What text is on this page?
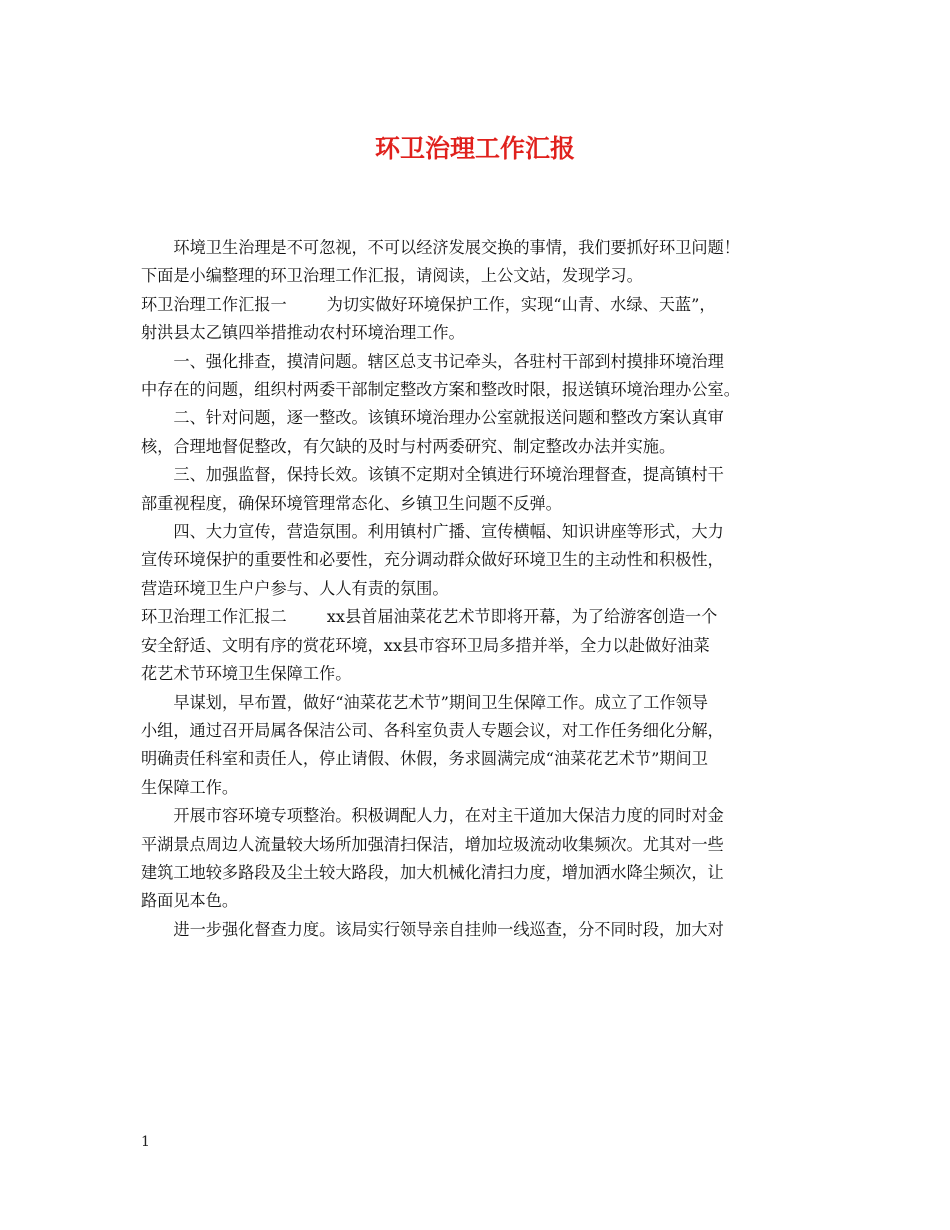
环卫治理工作汇报

环境卫生治理是不可忽视，不可以经济发展交换的事情，我们要抓好环卫问题！
下面是小编整理的环卫治理工作汇报，请阅读，上公文站，发现学习。

环卫治理工作汇报一 为切实做好环境保护工作，实现“山青、水绿、天蓝”，
射洪县太乙镇四举措推动农村环境治理工作。

一、强化排查，摸清问题。辖区总支书记牵头，各驻村干部到村摸排环境治理
中存在的问题，组织村两委干部制定整改方案和整改时限，报送镇环境治理办公室。

二、针对问题，逐一整改。该镇环境治理办公室就报送问题和整改方案认真审
核，合理地督促整改，有欠缺的及时与村两委研究、制定整改办法并实施。

三、加强监督，保持长效。该镇不定期对全镇进行环境治理督查，提高镇村干
部重视程度，确保环境管理常态化、乡镇卫生问题不反弹。

四、大力宣传，营造氛围。利用镇村广播、宣传横幅、知识讲座等形式，大力
宣传环境保护的重要性和必要性，充分调动群众做好环境卫生的主动性和积极性，
营造环境卫生户户参与、人人有责的氛围。

环卫治理工作汇报二 xx县首届油菜花艺术节即将开幕，为了给游客创造一个
安全舒适、文明有序的赏花环境，xx县市容环卫局多措并举，全力以赴做好油菜
花艺术节环境卫生保障工作。

早谋划，早布置，做好“油菜花艺术节”期间卫生保障工作。成立了工作领导
小组，通过召开局属各保洁公司、各科室负责人专题会议，对工作任务细化分解，
明确责任科室和责任人，停止请假、休假，务求圆满完成“油菜花艺术节”期间卫
生保障工作。

开展市容环境专项整治。积极调配人力，在对主干道加大保洁力度的同时对金
平湖景点周边人流量较大场所加强清扫保洁，增加垃圾流动收集频次。尤其对一些
建筑工地较多路段及尘土较大路段，加大机械化清扫力度，增加洒水降尘频次，让
路面见本色。

进一步强化督查力度。该局实行领导亲自挂帅一线巡查，分不同时段，加大对

1
